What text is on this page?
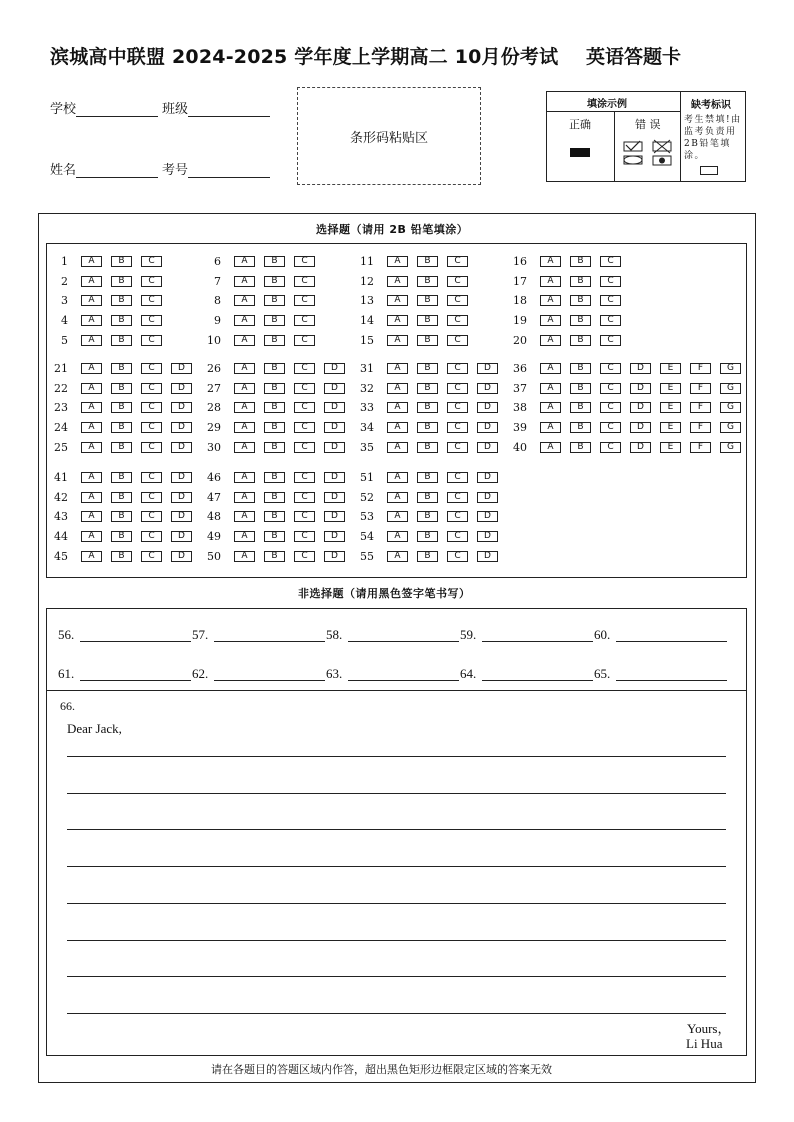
滨城高中联盟 2024-2025 学年度上学期高二 10月份考试 英语答题卡
学校	班级
姓名	考号
条形码粘贴区
填涂示例	缺考标识
正确	错 误	考生禁填!由监考负责用2B铅笔填涂。
选择题（请用 2B 铅笔填涂）
1	A	B	C
2	A	B	C
3	A	B	C
4	A	B	C
5	A	B	C
6	A	B	C
7	A	B	C
8	A	B	C
9	A	B	C
10	A	B	C
11	A	B	C
12	A	B	C
13	A	B	C
14	A	B	C
15	A	B	C
16	A	B	C
17	A	B	C
18	A	B	C
19	A	B	C
20	A	B	C
21	A	B	C	D
22	A	B	C	D
23	A	B	C	D
24	A	B	C	D
25	A	B	C	D
26	A	B	C	D
27	A	B	C	D
28	A	B	C	D
29	A	B	C	D
30	A	B	C	D
31	A	B	C	D
32	A	B	C	D
33	A	B	C	D
34	A	B	C	D
35	A	B	C	D
36	A	B	C	D	E	F	G
37	A	B	C	D	E	F	G
38	A	B	C	D	E	F	G
39	A	B	C	D	E	F	G
40	A	B	C	D	E	F	G
41	A	B	C	D
42	A	B	C	D
43	A	B	C	D
44	A	B	C	D
45	A	B	C	D
46	A	B	C	D
47	A	B	C	D
48	A	B	C	D
49	A	B	C	D
50	A	B	C	D
51	A	B	C	D
52	A	B	C	D
53	A	B	C	D
54	A	B	C	D
55	A	B	C	D
非选择题（请用黑色签字笔书写）
56.	57.	58.	59.	60.
61.	62.	63.	64.	65.
66.
Dear Jack,
Yours，
Li Hua
请在各题目的答题区域内作答，超出黑色矩形边框限定区域的答案无效
